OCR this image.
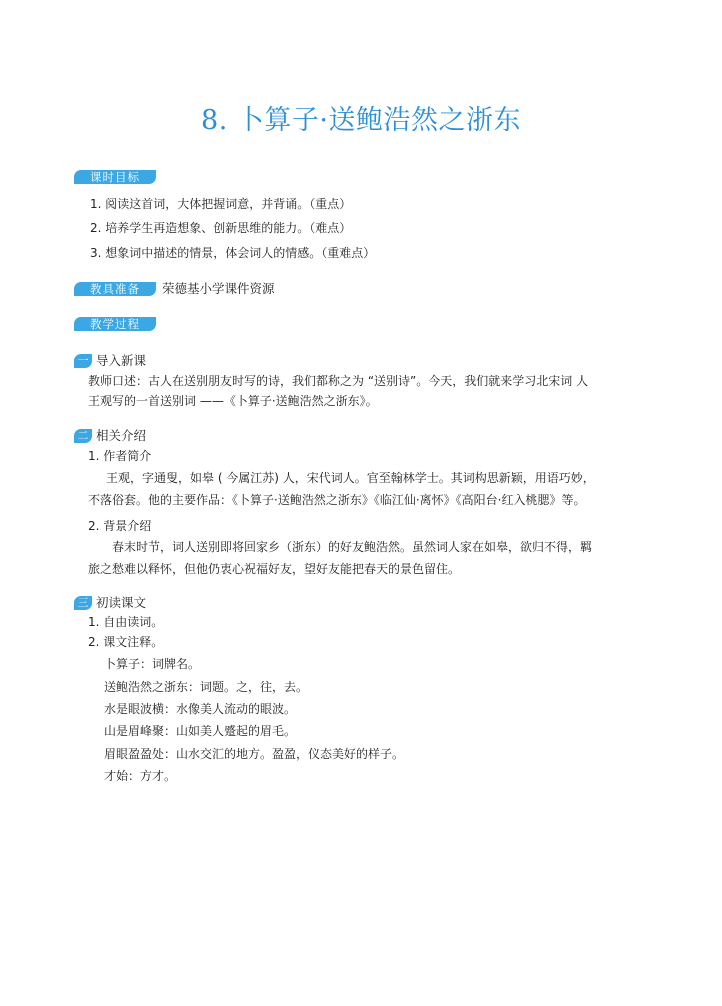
8. 卜算子·送鲍浩然之浙东
课时目标
1. 阅读这首词，大体把握词意，并背诵。（重点）
2. 培养学生再造想象、创新思维的能力。（难点）
3. 想象词中描述的情景，体会词人的情感。（重难点）
教具准备	荣德基小学课件资源
教学过程
一 导入新课
教师口述：古人在送别朋友时写的诗，我们都称之为 “送别诗”。今天，我们就来学习北宋词 人
王观写的一首送别词 ——《卜算子·送鲍浩然之浙东》。
二 相关介绍
1. 作者简介
王观，字通叟，如皋 ( 今属江苏) 人，宋代词人。官至翰林学士。其词构思新颖，用语巧妙，
不落俗套。他的主要作品：《卜算子·送鲍浩然之浙东》《临江仙·离怀》《高阳台·红入桃腮》等。
2. 背景介绍
春末时节，词人送别即将回家乡（浙东）的好友鲍浩然。虽然词人家在如皋，欲归不得，羁
旅之愁难以释怀，但他仍衷心祝福好友，望好友能把春天的景色留住。
三 初读课文
1. 自由读词。
2. 课文注释。
卜算子：词牌名。
送鲍浩然之浙东：词题。之，往，去。
水是眼波横：水像美人流动的眼波。
山是眉峰聚：山如美人蹙起的眉毛。
眉眼盈盈处：山水交汇的地方。盈盈，仪态美好的样子。
才始：方才。
